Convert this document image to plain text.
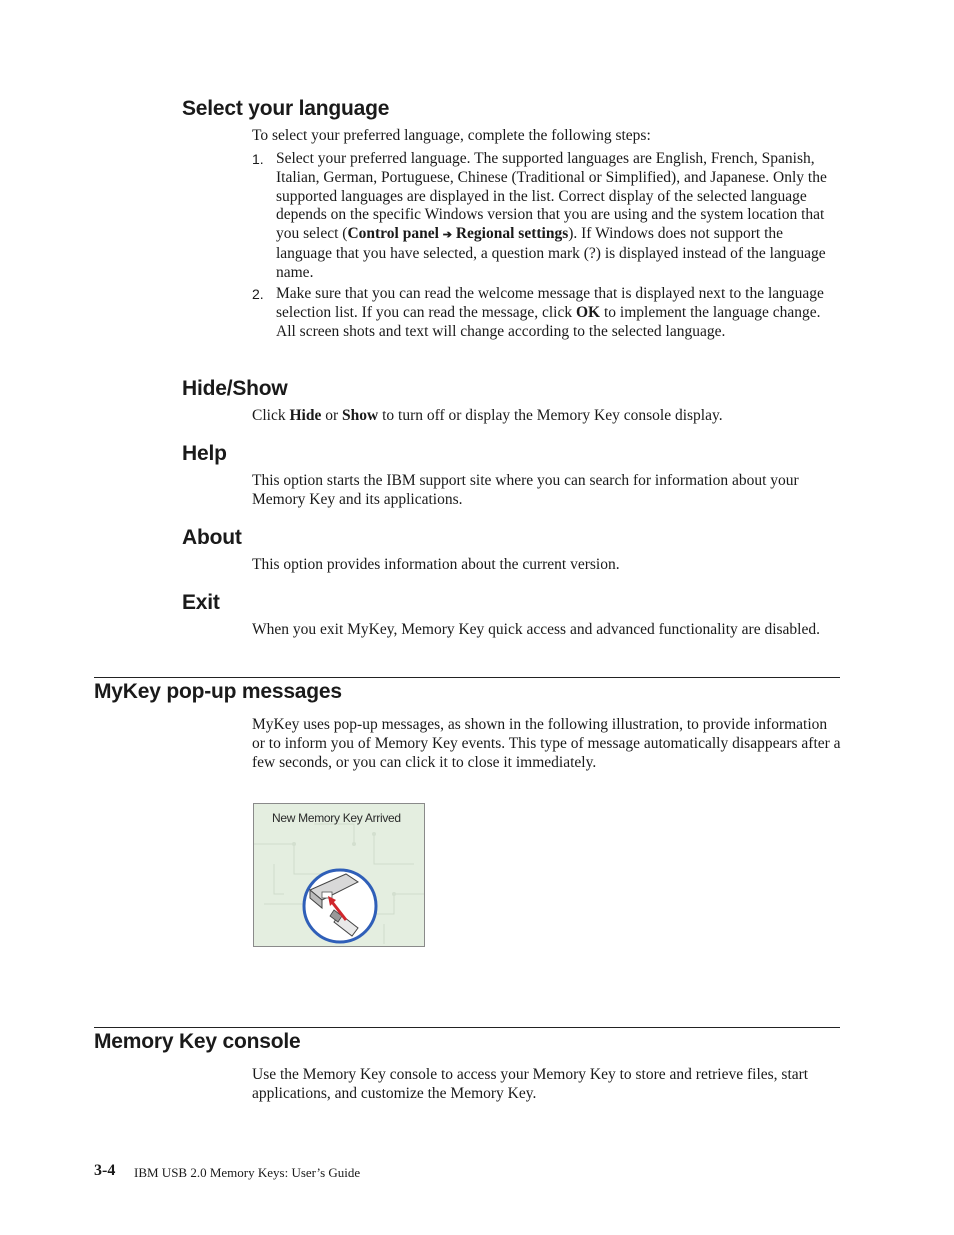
Select your language

To select your preferred language, complete the following steps:

1. Select your preferred language. The supported languages are English, French, Spanish, Italian, German, Portuguese, Chinese (Traditional or Simplified), and Japanese. Only the supported languages are displayed in the list. Correct display of the selected language depends on the specific Windows version that you are using and the system location that you select (Control panel ➔ Regional settings). If Windows does not support the language that you have selected, a question mark (?) is displayed instead of the language name.
2. Make sure that you can read the welcome message that is displayed next to the language selection list. If you can read the message, click OK to implement the language change. All screen shots and text will change according to the selected language.
Hide/Show

Click Hide or Show to turn off or display the Memory Key console display.

Help

This option starts the IBM support site where you can search for information about your Memory Key and its applications.

About

This option provides information about the current version.

Exit

When you exit MyKey, Memory Key quick access and advanced functionality are disabled.

MyKey pop-up messages

MyKey uses pop-up messages, as shown in the following illustration, to provide information or to inform you of Memory Key events. This type of message automatically disappears after a few seconds, or you can click it to close it immediately.

New Memory Key Arrived
Memory Key console

Use the Memory Key console to access your Memory Key to store and retrieve files, start applications, and customize the Memory Key.

3-4 IBM USB 2.0 Memory Keys: User’s Guide
